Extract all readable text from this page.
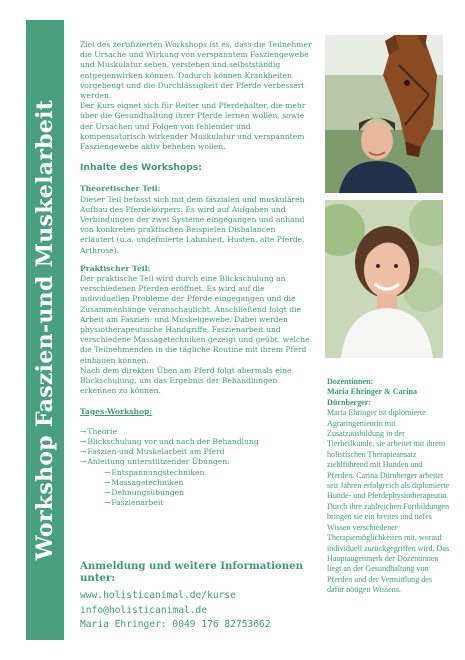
Workshop Faszien-und Muskelarbeit

Ziel des zertifizierten Workshops ist es, dass die Teilnehmer die Ursache und Wirkung von verspanntem Fasziengewebe und Muskulatur sehen, verstehen und selbstständig entgegenwirken können. Dadurch können Krankheiten vorgebeugt und die Durchlässigkeit der Pferde verbessert werden.

Der Kurs eignet sich für Reiter und Pferdehalter, die mehr über die Gesundhaltung ihrer Pferde lernen wollen, sowie der Ursachen und Folgen von fehlender und kompensatorisch wirkender Muskulatur und verspanntem Fasziengewebe aktiv beheben wollen.

Inhalte des Workshops:

Theoretischer Teil:

Dieser Teil befasst sich mit dem faszialen und muskulären Aufbau des Pferdekörpers. Es wird auf Aufgaben und Verbindungen der zwei Systeme eingegangen und anhand von konkreten praktischen Beispielen Disbalancen erläutert (u.a. undefinierte Lahmheit, Husten, alte Pferde, Arthrose).

Praktischer Teil:

Der praktische Teil wird durch eine Blickschulung an verschiedenen Pferden eröffnet. Es wird auf die individuellen Probleme der Pferde eingegangen und die Zusammenhänge veranschaulicht. Anschließend folgt die Arbeit am Faszien- und Muskelgewebe. Dabei werden physiotherapeutische Handgriffe, Faszienarbeit und verschiedene Massagetechniken gezeigt und geübt, welche die Teilnehmenden in die tägliche Routine mit ihrem Pferd einbauen können.

Nach dem direkten Üben am Pferd folgt abermals eine Blickschulung, um das Ergebnis der Behandlungen erkennen zu können.

Tages-Workshop:
→Theorie
→Blickschulung vor und nach der Behandlung
→Faszien-und Muskelarbeit am Pferd
→Anleitung unterstützender Übungen:
→Entspannungstechniken
→Massagetechniken
→Dehnungsübungen
→Faszienarbeit
Anmeldung und weitere Informationen unter:
www.holisticanimal.de/kurse
info@holisticanimal.de
Maria Ehringer: 0049 176 82753662

Dozentinnen:

Maria Ehringer & Carina Dürnberger:

Maria Ehringer ist diplomierte Agraringenieurin mit Zusatzausbildung in der Tierheilkunde, sie arbeitet mit ihrem holistischen Therapieansatz ziehlführend mit Hunden und Pferden. Carina Dürnberger arbeitet seit Jahren erfolgreich als diplomierte Hunde- und Pferdephysiotherapeutin. Durch ihre zahlreichen Fortbildungen bringen sie ein breites und tiefes Wissen verschiedener Therapiemöglichkeiten mit, worauf individuell zurückgegriffen wird. Das Hauptaugenmerk der Dozentinnen liegt an der Gesundhaltung von Pferden und der Vermittlung des dafür nötigen Wissens.
